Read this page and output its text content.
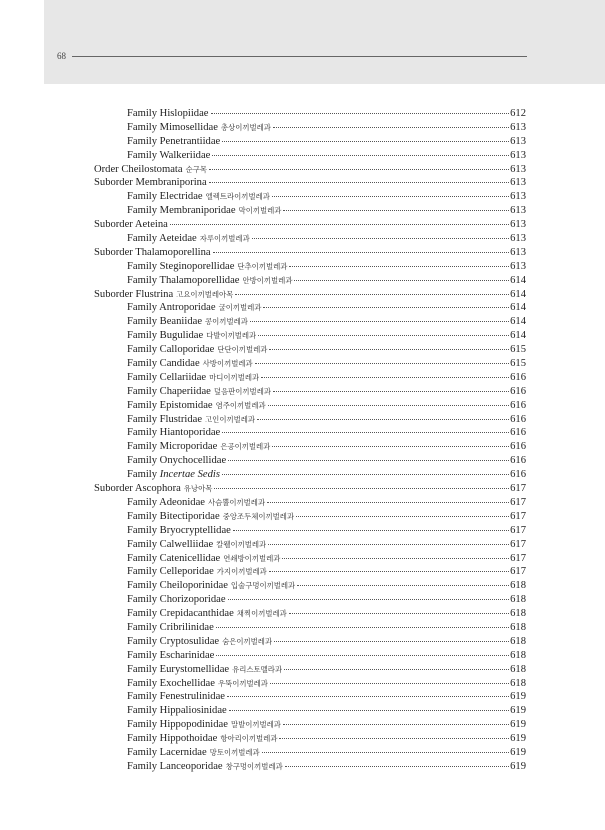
68
Family Hislopiidae	612
Family Mimosellidae 총상이끼벌레과	613
Family Penetrantiidae	613
Family Walkeriidae	613
Order Cheilostomata 순구목	613
Suborder Membraniporina	613
Family Electridae 엘렉트라이끼벌레과	613
Family Membraniporidae 막이끼벌레과	613
Suborder Aeteina	613
Family Aeteidae 자루이끼벌레과	613
Suborder Thalamoporellina	613
Family Steginoporellidae 단추이끼벌레과	613
Family Thalamoporellidae 안방이끼벌레과	614
Suborder Flustrina 고요이끼벌레아목	614
Family Antroporidae 굴이끼벌레과	614
Family Beaniidae 콩이끼벌레과	614
Family Bugulidae 다발이끼벌레과	614
Family Calloporidae 단단이끼벌레과	615
Family Candidae 사방이끼벌레과	615
Family Cellariidae 마디이끼벌레과	616
Family Chaperiidae 덮음판이끼벌레과	616
Family Epistomidae 염주이끼벌레과	616
Family Flustridae 고인이끼벌레과	616
Family Hiantoporidae	616
Family Microporidae 은공이끼벌레과	616
Family Onychocellidae	616
Family Incertae Sedis	616
Suborder Ascophora 유낭아목	617
Family Adeonidae 사슴뿔이끼벌레과	617
Family Bitectiporidae 중앙조두체이끼벌레과	617
Family Bryocryptellidae	617
Family Calwelliidae 칼웰이끼벌레과	617
Family Catenicellidae 연쇄방이끼벌레과	617
Family Celleporidae 가지이끼벌레과	617
Family Cheiloporinidae 입술구멍이끼벌레과	618
Family Chorizoporidae	618
Family Crepidacanthidae 채찍이끼벌레과	618
Family Cribrilinidae	618
Family Cryptosulidae 숨은이끼벌레과	618
Family Escharinidae	618
Family Eurystomellidae 유리스토멜라과	618
Family Exochellidae 우뚝이끼벌레과	618
Family Fenestrulinidae	619
Family Hippaliosinidae	619
Family Hippopodinidae 말발이끼벌레과	619
Family Hippothoidae 항아리이끼벌레과	619
Family Lacernidae 망토이끼벌레과	619
Family Lanceoporidae 창구멍이끼벌레과	619
